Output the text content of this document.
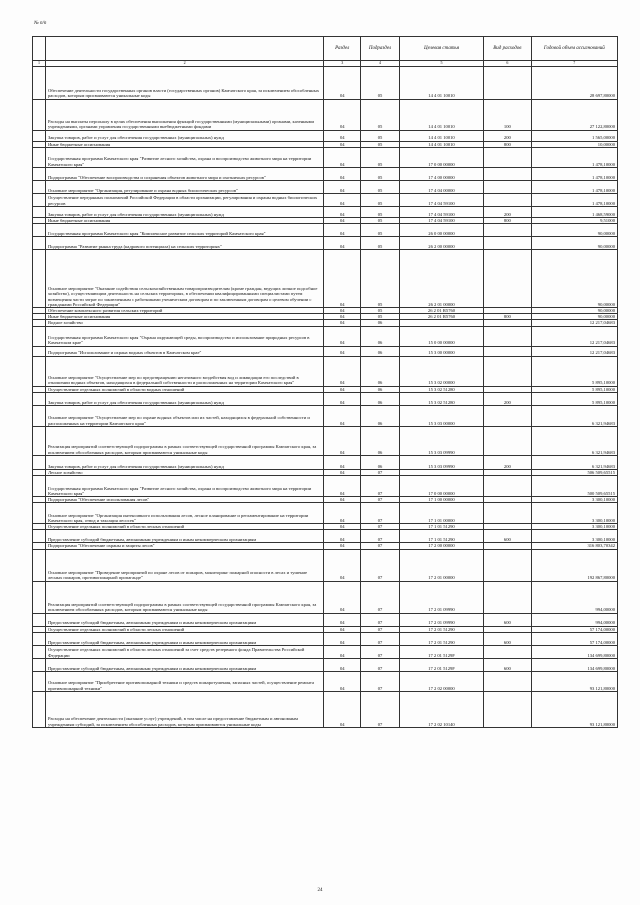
№ п/п
		Раздел	Подраздел	Целевая статья	Вид расходов	Годовой объем ассигнований
1	2	3	4	5	6	7
	Обеспечение деятельности государственных органов власти (государственных органов) Камчатского края, за исключением обособленных расходов, которым присваиваются уникальные коды	04	05	14 4 01 10010		28 697,80000
	Расходы на выплаты персоналу в целях обеспечения выполнения функций государственными (муниципальными) органами, казенными учреждениями, органами управления государственными внебюджетными фондами	04	05	14 4 01 10010	100	27 122,80000
	Закупка товаров, работ и услуг для обеспечения государственных (муниципальных) нужд	04	05	14 4 01 10010	200	1 565,00000
	Иные бюджетные ассигнования	04	05	14 4 01 10010	800	10,00000
	Государственная программа Камчатского края "Развитие лесного хозяйства, охрана и воспроизводство животного мира на территории Камчатского края"	04	05	17 0 00 00000		1 478,10000
	Подпрограмма "Обеспечение воспроизводства и сохранения объектов животного мира и охотничьих ресурсов"	04	05	17 4 00 00000		1 478,10000
	Основное мероприятие "Организация, регулирование и охрана водных биологических ресурсов"	04	05	17 4 04 00000		1 478,10000
	Осуществление переданных полномочий Российской Федерации в области организации, регулирования и охраны водных биологических ресурсов	04	05	17 4 04 59100		1 478,10000
	Закупка товаров, работ и услуг для обеспечения государственных (муниципальных) нужд	04	05	17 4 04 59100	200	1 468,59000
	Иные бюджетные ассигнования	04	05	17 4 04 59100	800	9,51000
	Государственная программа Камчатского края "Комплексное развитие сельских территорий Камчатского края"	04	05	26 0 00 00000		90,00000
	Подпрограмма "Развитие рынка труда (кадрового потенциала) на сельских территориях"	04	05	26 2 00 00000		90,00000
	Основное мероприятие "Оказание содействия сельскохозяйственным товаропроизводителям (кроме граждан, ведущих личное подсобное хозяйство), осуществляющим деятельность на сельских территориях, в обеспечении квалифицированными специалистами путем возмещения части затрат по заключенным с работниками ученическим договорам и по заключенным договорам о целевом обучении с гражданами Российской Федерации"	04	05	26 2 01 00000		90,00000
	Обеспечение комплексного развития сельских территорий	04	05	26 2 01 R5760		90,00000
	Иные бюджетные ассигнования	04	05	26 2 01 R5760	800	90,00000
	Водное хозяйство	04	06			12 217,04683
	Государственная программа Камчатского края "Охрана окружающей среды, воспроизводство и использование природных ресурсов в Камчатском крае"	04	06	15 0 00 00000		12 217,04683
	Подпрограмма "Использование и охрана водных объектов в Камчатском крае"	04	06	15 3 00 00000		12 217,04683
	Основное мероприятие "Осуществление мер по предотвращению негативного воздействия вод и ликвидации его последствий в отношении водных объектов, находящихся в федеральной собственности и расположенных на территории Камчатского края"	04	06	15 3 02 00000		5 895,10000
	Осуществление отдельных полномочий в области водных отношений	04	06	15 3 02 51280		5 895,10000
	Закупка товаров, работ и услуг для обеспечения государственных (муниципальных) нужд	04	06	15 3 02 51280	200	5 895,10000
	Основное мероприятие "Осуществление мер по охране водных объектов или их частей, находящихся в федеральной собственности и расположенных на территории Камчатского края"	04	06	15 3 03 00000		6 321,94683
	Реализация мероприятий соответствующей подпрограммы в рамках соответствующей государственной программы Камчатского края, за исключением обособленных расходов, которым присваиваются уникальные коды	04	06	15 3 03 09990		6 321,94683
	Закупка товаров, работ и услуг для обеспечения государственных (муниципальных) нужд	04	06	15 3 03 09990	200	6 321,94683
	Лесное хозяйство	04	07			506 509,65515
	Государственная программа Камчатского края "Развитие лесного хозяйства, охрана и воспроизводство животного мира на территории Камчатского края"	04	07	17 0 00 00000		500 509,65515
	Подпрограмма "Обеспечение использования лесов"	04	07	17 1 00 00000		3 300,10000
	Основное мероприятие "Организация интенсивного использования лесов, лесное планирование и регламентирование на территории Камчатского края, отвод и таксация лесосек"	04	07	17 1 01 00000		3 300,10000
	Осуществление отдельных полномочий в области лесных отношений	04	07	17 1 01 51290		3 300,10000
	Предоставление субсидий бюджетным, автономным учреждениям и иным некоммерческим организациям	04	07	17 1 01 51290	600	3 300,10000
	Подпрограмма "Обеспечение охраны и защиты лесов"	04	07	17 2 00 00000		316 803,70342
	Основное мероприятие "Проведение мероприятий по охране лесов от пожаров, мониторинг пожарной опасности в лесах и тушение лесных пожаров, противопожарной пропаганде"	04	07	17 2 01 00000		192 867,80000
	Реализация мероприятий соответствующей подпрограммы в рамках соответствующей государственной программы Камчатского края, за исключением обособленных расходов, которым присваиваются уникальные коды	04	07	17 2 01 09990		994,00000
	Предоставление субсидий бюджетным, автономным учреждениям и иным некоммерческим организациям	04	07	17 2 01 09990	600	994,00000
	Осуществление отдельных полномочий в области лесных отношений	04	07	17 2 01 51290		57 174,00000
	Предоставление субсидий бюджетным, автономным учреждениям и иным некоммерческим организациям	04	07	17 2 01 51290	600	57 174,00000
	Осуществление отдельных полномочий в области лесных отношений за счет средств резервного фонда Правительства Российской Федерации	04	07	17 2 01 5129F		134 699,80000
	Предоставление субсидий бюджетным, автономным учреждениям и иным некоммерческим организациям	04	07	17 2 01 5129F	600	134 699,80000
	Основное мероприятие "Приобретение противопожарной техники и средств пожаротушения, запасных частей, осуществление ремонта противопожарной техники"	04	07	17 2 02 00000		93 121,80000
	Расходы на обеспечение деятельности (оказание услуг) учреждений, в том числе на предоставление бюджетным и автономным учреждениям субсидий, за исключением обособленных расходов, которым присваиваются уникальные коды	04	07	17 2 02 10140		93 121,80000
24
